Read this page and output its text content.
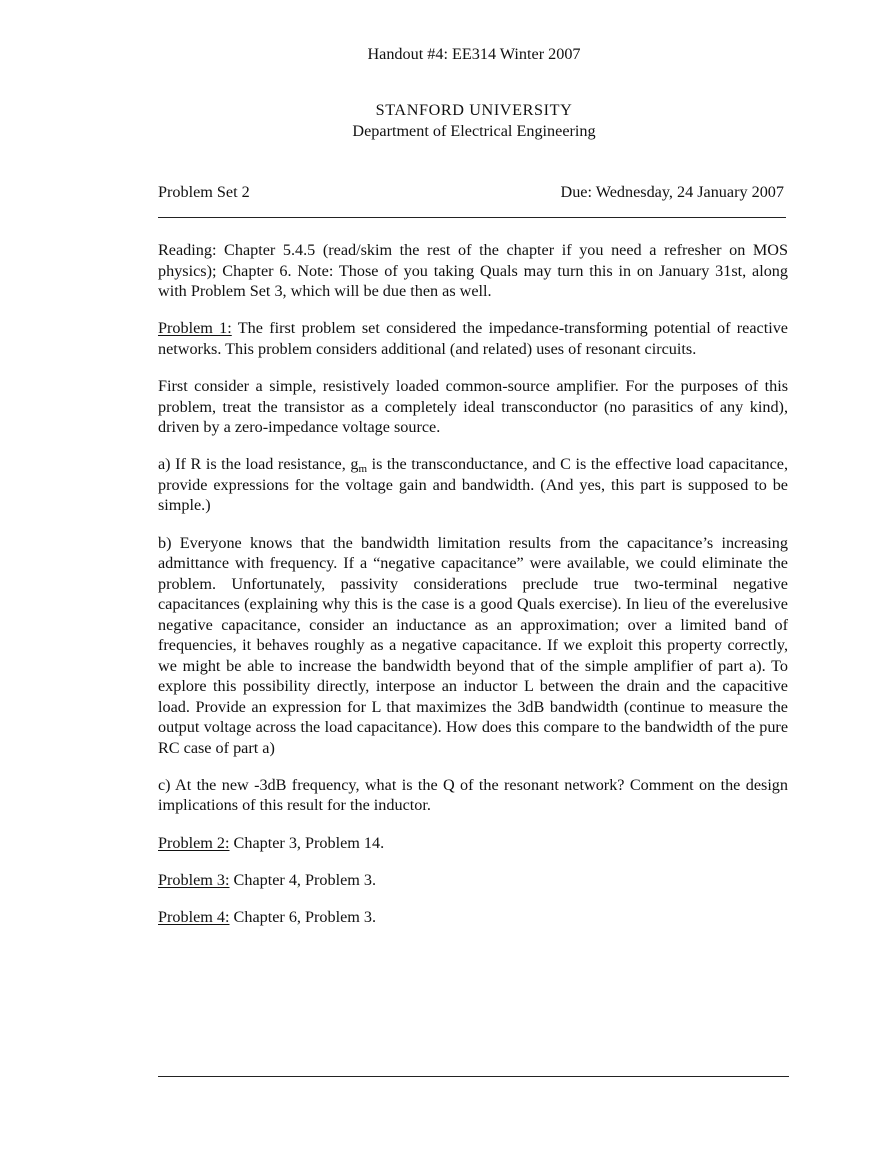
Handout #4: EE314 Winter 2007
STANFORD UNIVERSITY
Department of Electrical Engineering
Problem Set 2	Due: Wednesday, 24 January 2007

Reading: Chapter 5.4.5 (read/skim the rest of the chapter if you need a refresher on MOS physics); Chapter 6. Note: Those of you taking Quals may turn this in on January 31st, along with Problem Set 3, which will be due then as well.

Problem 1: The first problem set considered the impedance-transforming potential of reactive networks. This problem considers additional (and related) uses of resonant circuits.

First consider a simple, resistively loaded common-source amplifier. For the purposes of this problem, treat the transistor as a completely ideal transconductor (no parasitics of any kind), driven by a zero-impedance voltage source.

a) If R is the load resistance, $g_m$ is the transconductance, and C is the effective load capacitance, provide expressions for the voltage gain and bandwidth. (And yes, this part is supposed to be simple.)

b) Everyone knows that the bandwidth limitation results from the capacitance’s increasing admittance with frequency. If a “negative capacitance” were available, we could eliminate the problem. Unfortunately, passivity considerations preclude true two-terminal negative capacitances (explaining why this is the case is a good Quals exercise). In lieu of the everelusive negative capacitance, consider an inductance as an approximation; over a limited band of frequencies, it behaves roughly as a negative capacitance. If we exploit this property correctly, we might be able to increase the bandwidth beyond that of the simple amplifier of part a). To explore this possibility directly, interpose an inductor L between the drain and the capacitive load. Provide an expression for L that maximizes the 3dB bandwidth (continue to measure the output voltage across the load capacitance). How does this compare to the bandwidth of the pure RC case of part a)

c) At the new -3dB frequency, what is the Q of the resonant network? Comment on the design implications of this result for the inductor.

Problem 2: Chapter 3, Problem 14.

Problem 3: Chapter 4, Problem 3.

Problem 4: Chapter 6, Problem 3.
